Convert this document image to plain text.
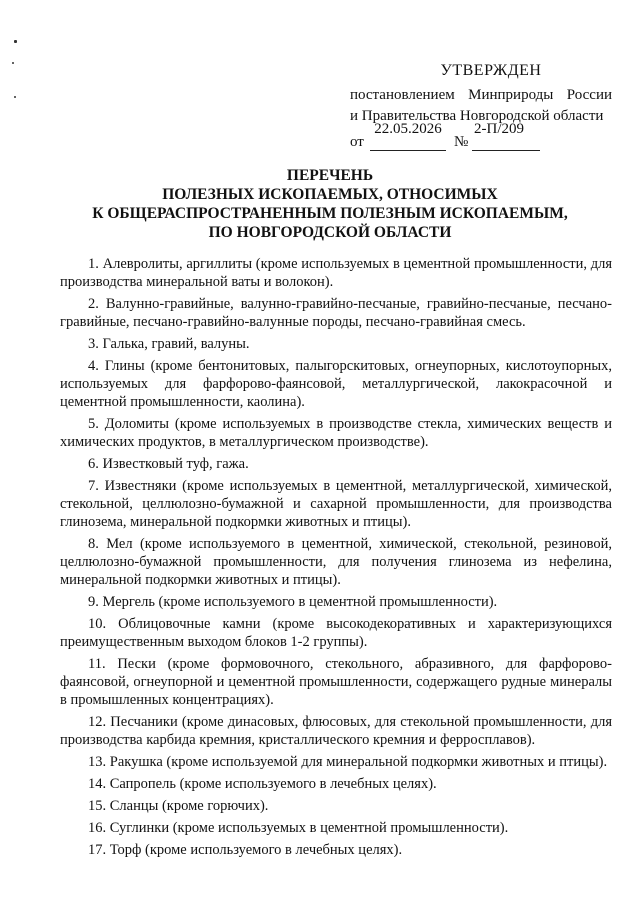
УТВЕРЖДЕН
постановлением Минприроды России
и Правительства Новгородской области
от
22.05.2026
№
2-П/209
ПЕРЕЧЕНЬ
ПОЛЕЗНЫХ ИСКОПАЕМЫХ, ОТНОСИМЫХ
К ОБЩЕРАСПРОСТРАНЕННЫМ ПОЛЕЗНЫМ ИСКОПАЕМЫМ,
ПО НОВГОРОДСКОЙ ОБЛАСТИ

1. Алевролиты, аргиллиты (кроме используемых в цементной промышленности, для производства минеральной ваты и волокон).

2. Валунно-гравийные, валунно-гравийно-песчаные, гравийно-песчаные, песчано-гравийные, песчано-гравийно-валунные породы, песчано-гравийная смесь.

3. Галька, гравий, валуны.

4. Глины (кроме бентонитовых, палыгорскитовых, огнеупорных, кислотоупорных, используемых для фарфорово-фаянсовой, металлургической, лакокрасочной и цементной промышленности, каолина).

5. Доломиты (кроме используемых в производстве стекла, химических веществ и химических продуктов, в металлургическом производстве).

6. Известковый туф, гажа.

7. Известняки (кроме используемых в цементной, металлургической, химической, стекольной, целлюлозно-бумажной и сахарной промышленности, для производства глинозема, минеральной подкормки животных и птицы).

8. Мел (кроме используемого в цементной, химической, стекольной, резиновой, целлюлозно-бумажной промышленности, для получения глинозема из нефелина, минеральной подкормки животных и птицы).

9. Мергель (кроме используемого в цементной промышленности).

10. Облицовочные камни (кроме высокодекоративных и характеризующихся преимущественным выходом блоков 1-2 группы).

11. Пески (кроме формовочного, стекольного, абразивного, для фарфорово-фаянсовой, огнеупорной и цементной промышленности, содержащего рудные минералы в промышленных концентрациях).

12. Песчаники (кроме динасовых, флюсовых, для стекольной промышленности, для производства карбида кремния, кристаллического кремния и ферросплавов).

13. Ракушка (кроме используемой для минеральной подкормки животных и птицы).

14. Сапропель (кроме используемого в лечебных целях).

15. Сланцы (кроме горючих).

16. Суглинки (кроме используемых в цементной промышленности).

17. Торф (кроме используемого в лечебных целях).
